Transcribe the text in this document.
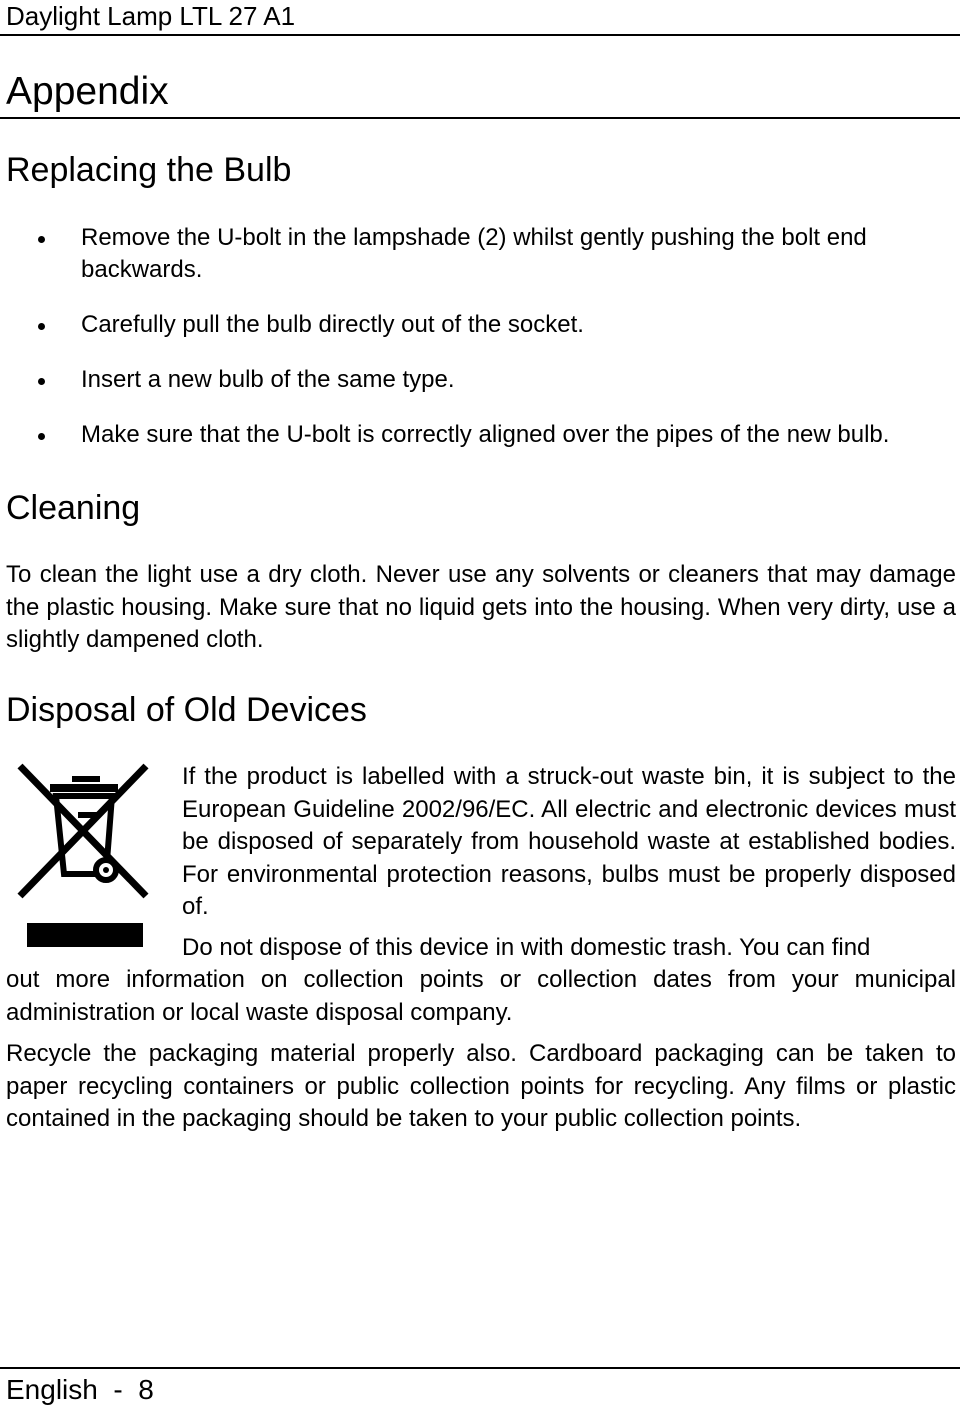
Daylight Lamp LTL 27 A1
Appendix
Replacing the Bulb
Remove the U-bolt in the lampshade (2) whilst gently pushing the bolt end backwards.
Carefully pull the bulb directly out of the socket.
Insert a new bulb of the same type.
Make sure that the U-bolt is correctly aligned over the pipes of the new bulb.
Cleaning
To clean the light use a dry cloth. Never use any solvents or cleaners that may damage the plastic housing. Make sure that no liquid gets into the housing. When very dirty, use a slightly dampened cloth.
Disposal of Old Devices
If the product is labelled with a struck-out waste bin, it is subject to the European Guideline 2002/96/EC. All electric and electronic devices must be disposed of separately from household waste at established bodies. For environmental protection reasons, bulbs must be properly disposed of.
Do not dispose of this device in with domestic trash. You can find
out more information on collection points or collection dates from your municipal administration or local waste disposal company.
Recycle the packaging material properly also. Cardboard packaging can be taken to paper recycling containers or public collection points for recycling. Any films or plastic contained in the packaging should be taken to your public collection points.
English  -  8
